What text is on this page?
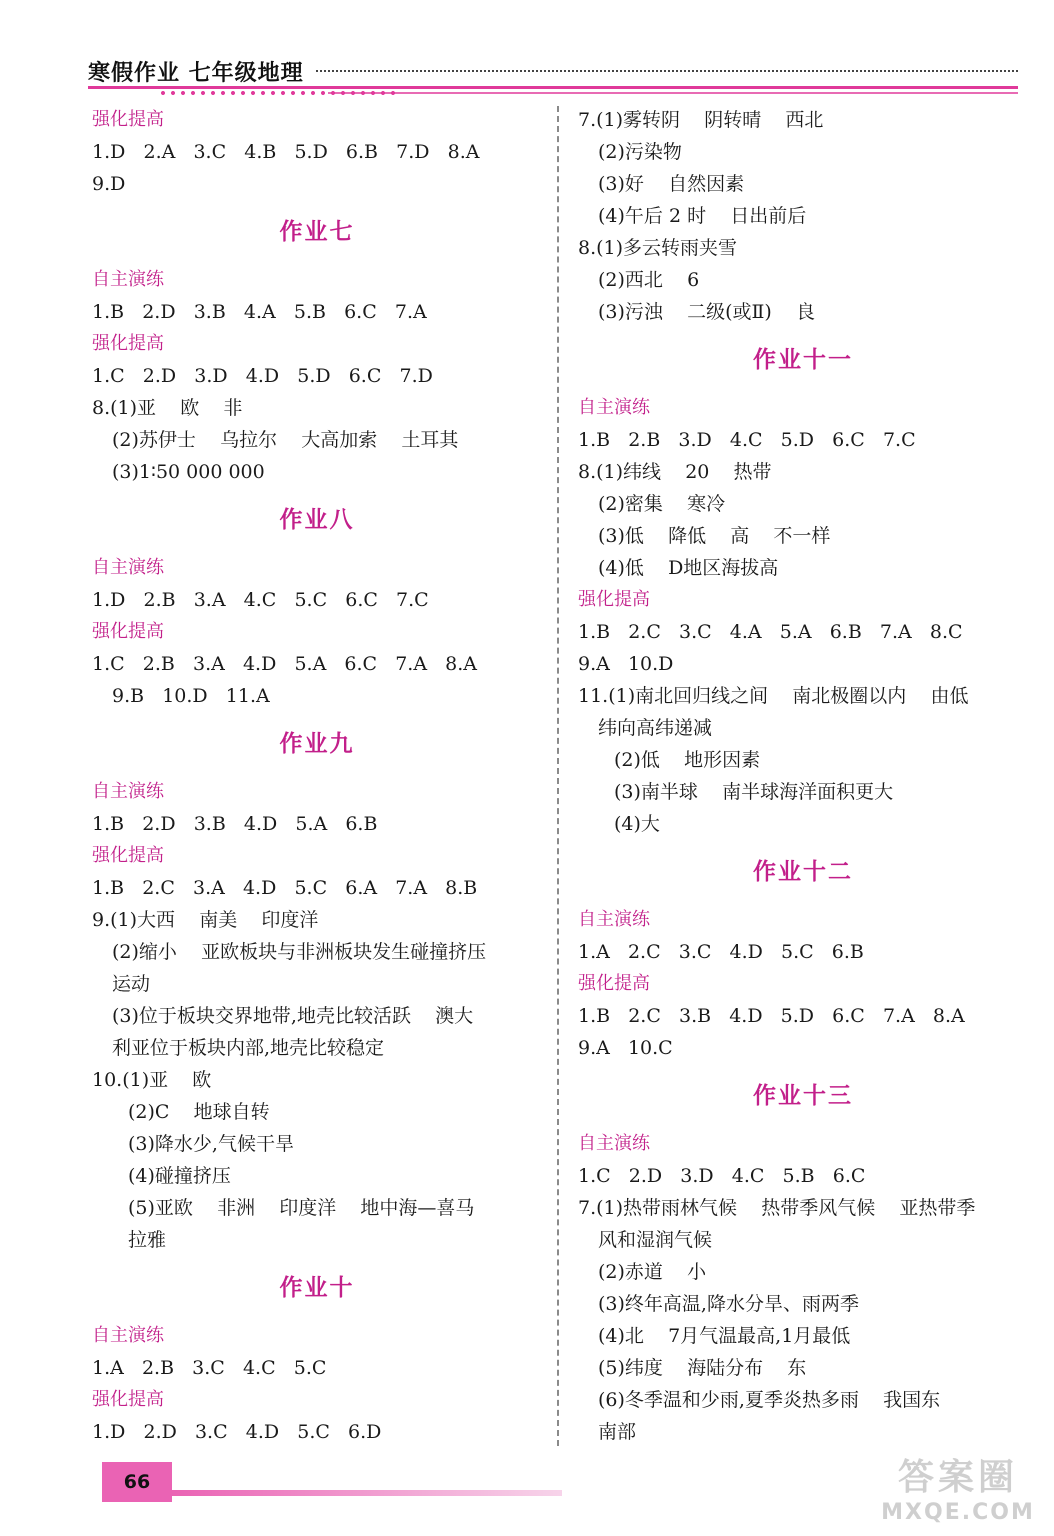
寒假作业 七年级地理
强化提高
1.D   2.A   3.C   4.B   5.D   6.B   7.D   8.A
9.D
作业七
自主演练
1.B   2.D   3.B   4.A   5.B   6.C   7.A
强化提高
1.C   2.D   3.D   4.D   5.D   6.C   7.D
8.(1)亚    欧    非
(2)苏伊士    乌拉尔    大高加索    土耳其
(3)1∶50 000 000
作业八
自主演练
1.D   2.B   3.A   4.C   5.C   6.C   7.C
强化提高
1.C   2.B   3.A   4.D   5.A   6.C   7.A   8.A
9.B   10.D   11.A
作业九
自主演练
1.B   2.D   3.B   4.D   5.A   6.B
强化提高
1.B   2.C   3.A   4.D   5.C   6.A   7.A   8.B
9.(1)大西    南美    印度洋
(2)缩小    亚欧板块与非洲板块发生碰撞挤压
运动
(3)位于板块交界地带,地壳比较活跃    澳大
利亚位于板块内部,地壳比较稳定
10.(1)亚    欧
(2)C    地球自转
(3)降水少,气候干旱
(4)碰撞挤压
(5)亚欧    非洲    印度洋    地中海—喜马
拉雅
作业十
自主演练
1.A   2.B   3.C   4.C   5.C
强化提高
1.D   2.D   3.C   4.D   5.C   6.D
7.(1)雾转阴    阴转晴    西北
(2)污染物
(3)好    自然因素
(4)午后 2 时    日出前后
8.(1)多云转雨夹雪
(2)西北    6
(3)污浊    二级(或Ⅱ)    良
作业十一
自主演练
1.B   2.B   3.D   4.C   5.D   6.C   7.C
8.(1)纬线    20    热带
(2)密集    寒冷
(3)低    降低    高    不一样
(4)低    D地区海拔高
强化提高
1.B   2.C   3.C   4.A   5.A   6.B   7.A   8.C
9.A   10.D
11.(1)南北回归线之间    南北极圈以内    由低
纬向高纬递减
(2)低    地形因素
(3)南半球    南半球海洋面积更大
(4)大
作业十二
自主演练
1.A   2.C   3.C   4.D   5.C   6.B
强化提高
1.B   2.C   3.B   4.D   5.D   6.C   7.A   8.A
9.A   10.C
作业十三
自主演练
1.C   2.D   3.D   4.C   5.B   6.C
7.(1)热带雨林气候    热带季风气候    亚热带季
风和湿润气候
(2)赤道    小
(3)终年高温,降水分旱、雨两季
(4)北    7月气温最高,1月最低
(5)纬度    海陆分布    东
(6)冬季温和少雨,夏季炎热多雨    我国东
南部
66	答案圈
MXQE.COM
